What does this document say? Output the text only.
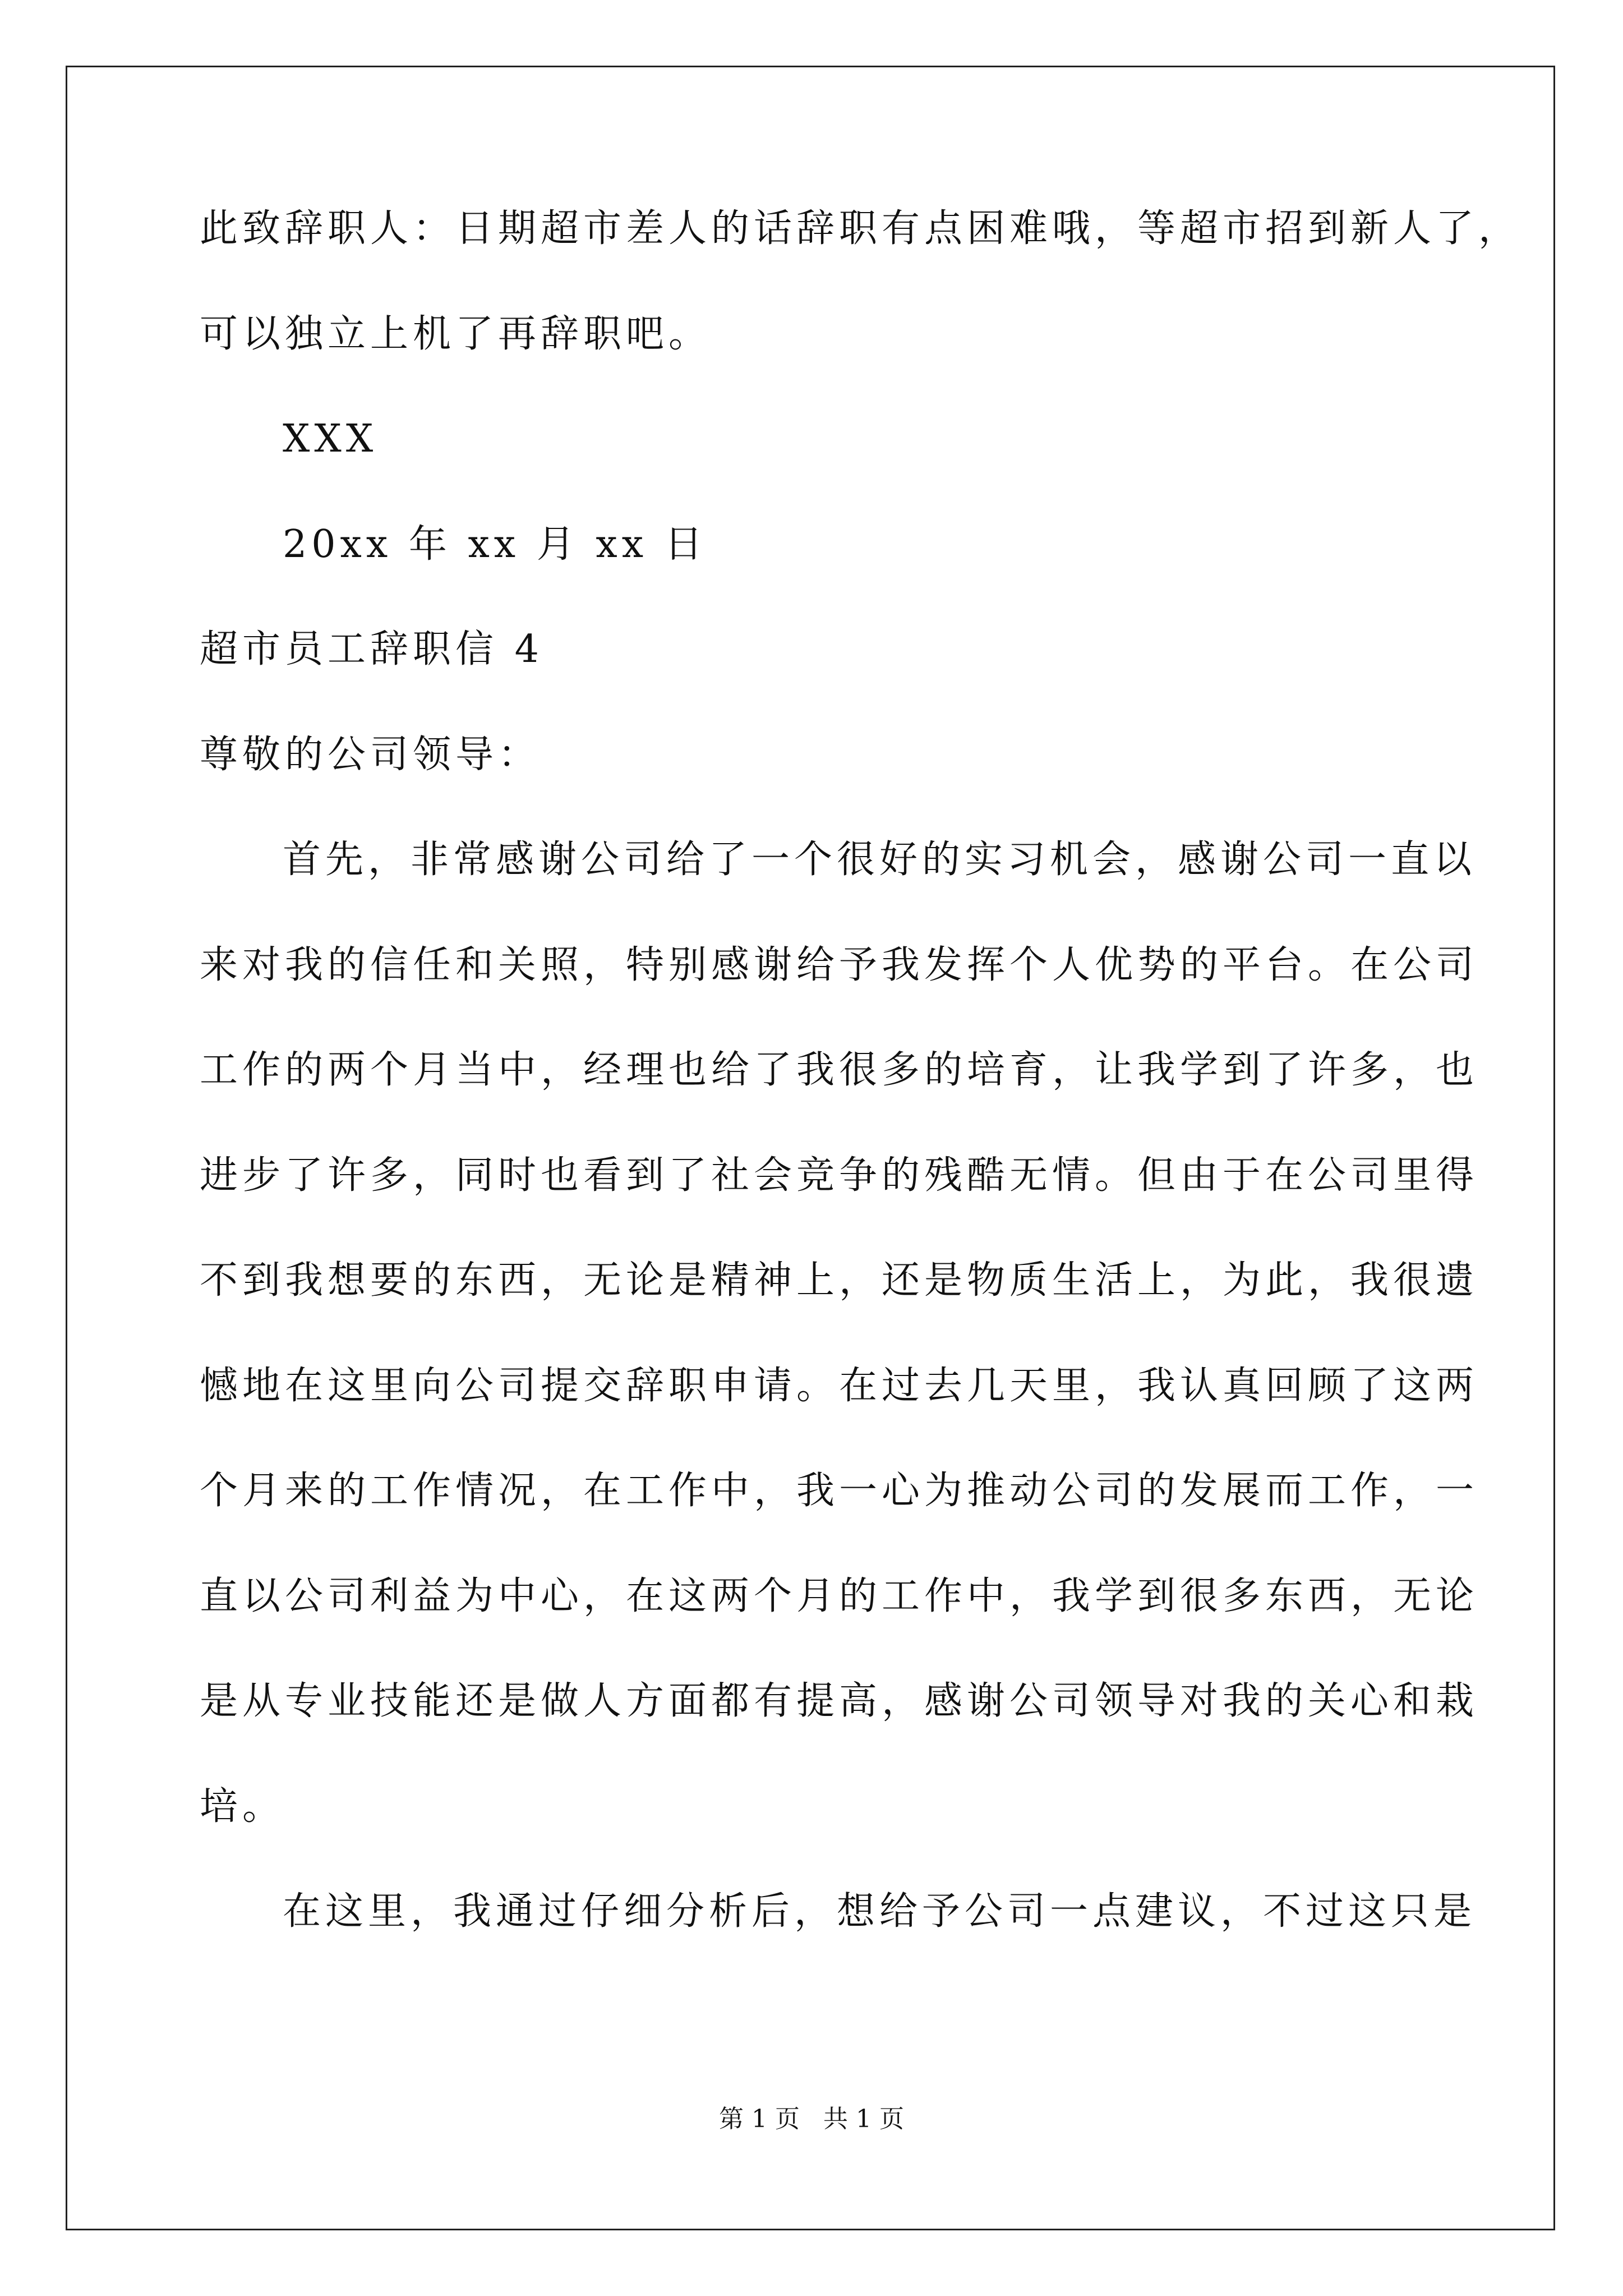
此致辞职人：日期超市差人的话辞职有点困难哦，等超市招到新人了，
可以独立上机了再辞职吧。
XXX
20xx 年 xx 月 xx 日
超市员工辞职信 4
尊敬的公司领导：
首先，非常感谢公司给了一个很好的实习机会，感谢公司一直以
来对我的信任和关照，特别感谢给予我发挥个人优势的平台。在公司
工作的两个月当中，经理也给了我很多的培育，让我学到了许多，也
进步了许多，同时也看到了社会竞争的残酷无情。但由于在公司里得
不到我想要的东西，无论是精神上，还是物质生活上，为此，我很遗
憾地在这里向公司提交辞职申请。在过去几天里，我认真回顾了这两
个月来的工作情况，在工作中，我一心为推动公司的发展而工作，一
直以公司利益为中心，在这两个月的工作中，我学到很多东西，无论
是从专业技能还是做人方面都有提高，感谢公司领导对我的关心和栽
培。
在这里，我通过仔细分析后，想给予公司一点建议，不过这只是
第 1 页 共 1 页
